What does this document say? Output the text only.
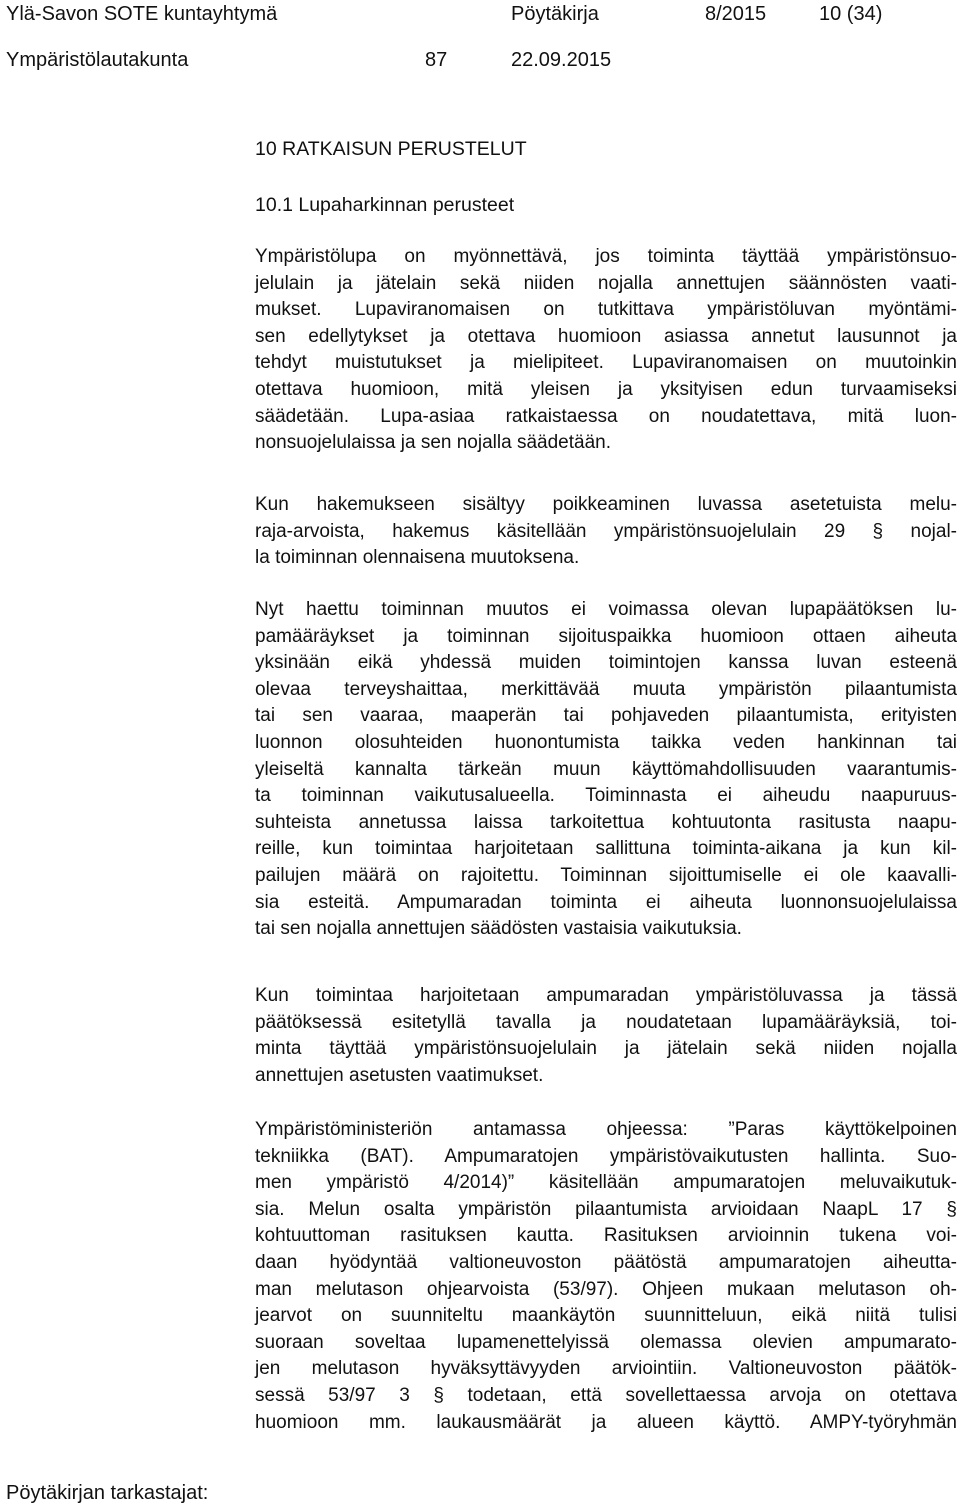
Ylä-Savon SOTE kuntayhtymä	Pöytäkirja	8/2015	10 (34)
Ympäristölautakunta	87	22.09.2015
10 RATKAISUN PERUSTELUT
10.1 Lupaharkinnan perusteet

Ympäristölupa on myönnettävä, jos toiminta täyttää ympäristönsuo-
jelulain ja jätelain sekä niiden nojalla annettujen säännösten vaati-
mukset. Lupaviranomaisen on tutkittava ympäristöluvan myöntämi-
sen edellytykset ja otettava huomioon asiassa annetut lausunnot ja
tehdyt muistutukset ja mielipiteet. Lupaviranomaisen on muutoinkin
otettava huomioon, mitä yleisen ja yksityisen edun turvaamiseksi
säädetään. Lupa-asiaa ratkaistaessa on noudatettava, mitä luon-
nonsuojelulaissa ja sen nojalla säädetään.

Kun hakemukseen sisältyy poikkeaminen luvassa asetetuista melu-
raja-arvoista, hakemus käsitellään ympäristönsuojelulain 29 § nojal-
la toiminnan olennaisena muutoksena.

Nyt haettu toiminnan muutos ei voimassa olevan lupapäätöksen lu-
pamääräykset ja toiminnan sijoituspaikka huomioon ottaen aiheuta
yksinään eikä yhdessä muiden toimintojen kanssa luvan esteenä
olevaa terveyshaittaa, merkittävää muuta ympäristön pilaantumista
tai sen vaaraa, maaperän tai pohjaveden pilaantumista, erityisten
luonnon olosuhteiden huonontumista taikka veden hankinnan tai
yleiseltä kannalta tärkeän muun käyttömahdollisuuden vaarantumis-
ta toiminnan vaikutusalueella. Toiminnasta ei aiheudu naapuruus-
suhteista annetussa laissa tarkoitettua kohtuutonta rasitusta naapu-
reille, kun toimintaa harjoitetaan sallittuna toiminta-aikana ja kun kil-
pailujen määrä on rajoitettu. Toiminnan sijoittumiselle ei ole kaavalli-
sia esteitä. Ampumaradan toiminta ei aiheuta luonnonsuojelulaissa
tai sen nojalla annettujen säädösten vastaisia vaikutuksia.

Kun toimintaa harjoitetaan ampumaradan ympäristöluvassa ja tässä
päätöksessä esitetyllä tavalla ja noudatetaan lupamääräyksiä, toi-
minta täyttää ympäristönsuojelulain ja jätelain sekä niiden nojalla
annettujen asetusten vaatimukset.

Ympäristöministeriön antamassa ohjeessa: ”Paras käyttökelpoinen
tekniikka (BAT). Ampumaratojen ympäristövaikutusten hallinta. Suo-
men ympäristö 4/2014)” käsitellään ampumaratojen meluvaikutuk-
sia. Melun osalta ympäristön pilaantumista arvioidaan NaapL 17 §
kohtuuttoman rasituksen kautta. Rasituksen arvioinnin tukena voi-
daan hyödyntää valtioneuvoston päätöstä ampumaratojen aiheutta-
man melutason ohjearvoista (53/97). Ohjeen mukaan melutason oh-
jearvot on suunniteltu maankäytön suunnitteluun, eikä niitä tulisi
suoraan soveltaa lupamenettelyissä olemassa olevien ampumarato-
jen melutason hyväksyttävyyden arviointiin. Valtioneuvoston päätök-
sessä 53/97 3 § todetaan, että sovellettaessa arvoja on otettava
huomioon mm. laukausmäärät ja alueen käyttö. AMPY-työryhmän

Pöytäkirjan tarkastajat:
